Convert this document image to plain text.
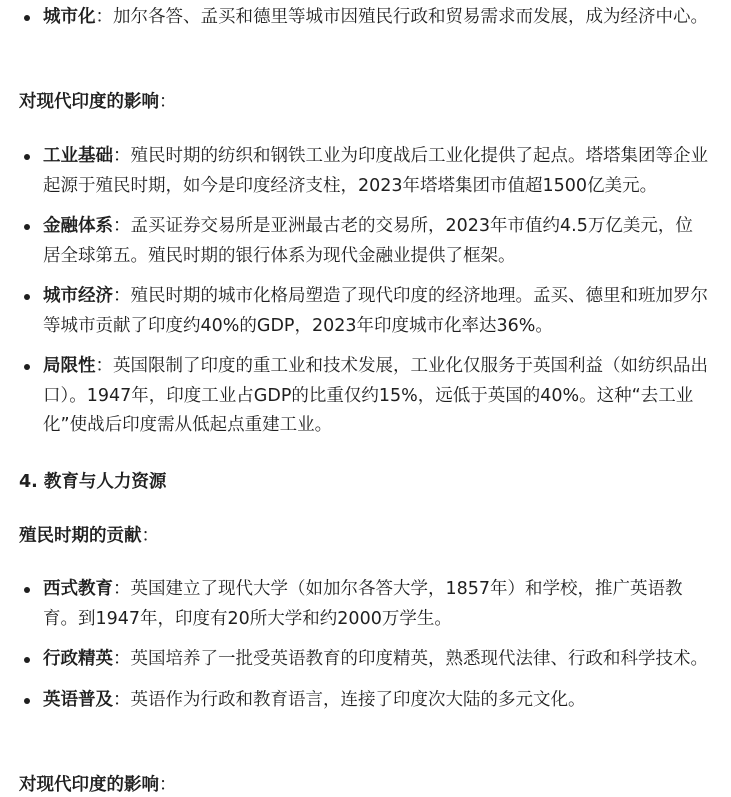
城市化：加尔各答、孟买和德里等城市因殖民行政和贸易需求而发展，成为经济中心。
对现代印度的影响：
工业基础：殖民时期的纺织和钢铁工业为印度战后工业化提供了起点。塔塔集团等企业起源于殖民时期，如今是印度经济支柱，2023年塔塔集团市值超1500亿美元。
金融体系：孟买证券交易所是亚洲最古老的交易所，2023年市值约4.5万亿美元，位居全球第五。殖民时期的银行体系为现代金融业提供了框架。
城市经济：殖民时期的城市化格局塑造了现代印度的经济地理。孟买、德里和班加罗尔等城市贡献了印度约40%的GDP，2023年印度城市化率达36%。
局限性：英国限制了印度的重工业和技术发展，工业化仅服务于英国利益（如纺织品出口）。1947年，印度工业占GDP的比重仅约15%，远低于英国的40%。这种“去工业化”使战后印度需从低起点重建工业。
4. 教育与人力资源
殖民时期的贡献：
西式教育：英国建立了现代大学（如加尔各答大学，1857年）和学校，推广英语教育。到1947年，印度有20所大学和约2000万学生。
行政精英：英国培养了一批受英语教育的印度精英，熟悉现代法律、行政和科学技术。
英语普及：英语作为行政和教育语言，连接了印度次大陆的多元文化。
对现代印度的影响：
